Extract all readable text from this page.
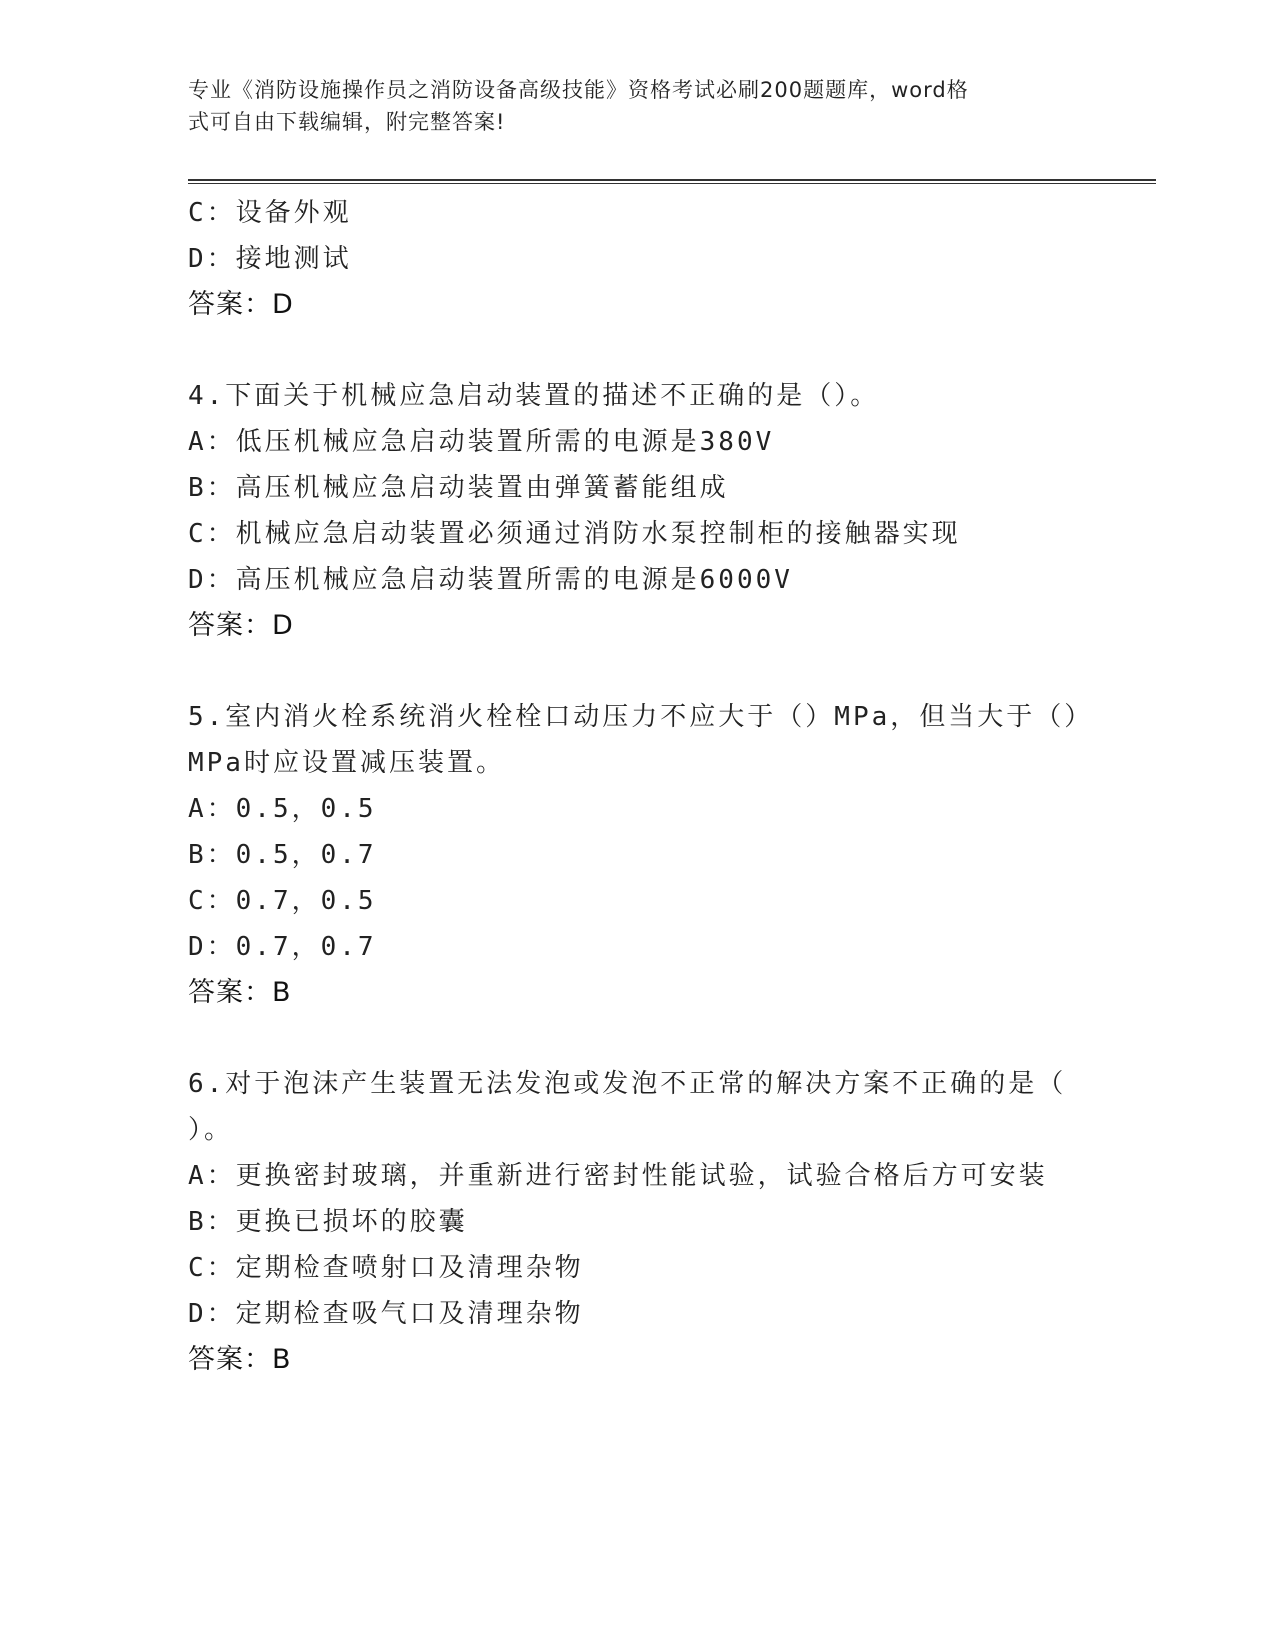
专业《消防设施操作员之消防设备高级技能》资格考试必刷200题题库，word格
式可自由下载编辑，附完整答案!
C：设备外观
D：接地测试
答案：D
4.下面关于机械应急启动装置的描述不正确的是（）。
A：低压机械应急启动装置所需的电源是380V
B：高压机械应急启动装置由弹簧蓄能组成
C：机械应急启动装置必须通过消防水泵控制柜的接触器实现
D：高压机械应急启动装置所需的电源是6000V
答案：D
5.室内消火栓系统消火栓栓口动压力不应大于（）MPa，但当大于（）
MPa时应设置减压装置。
A：0.5，0.5
B：0.5，0.7
C：0.7，0.5
D：0.7，0.7
答案：B
6.对于泡沫产生装置无法发泡或发泡不正常的解决方案不正确的是（
）。
A：更换密封玻璃，并重新进行密封性能试验，试验合格后方可安装
B：更换已损坏的胶囊
C：定期检查喷射口及清理杂物
D：定期检查吸气口及清理杂物
答案：B
